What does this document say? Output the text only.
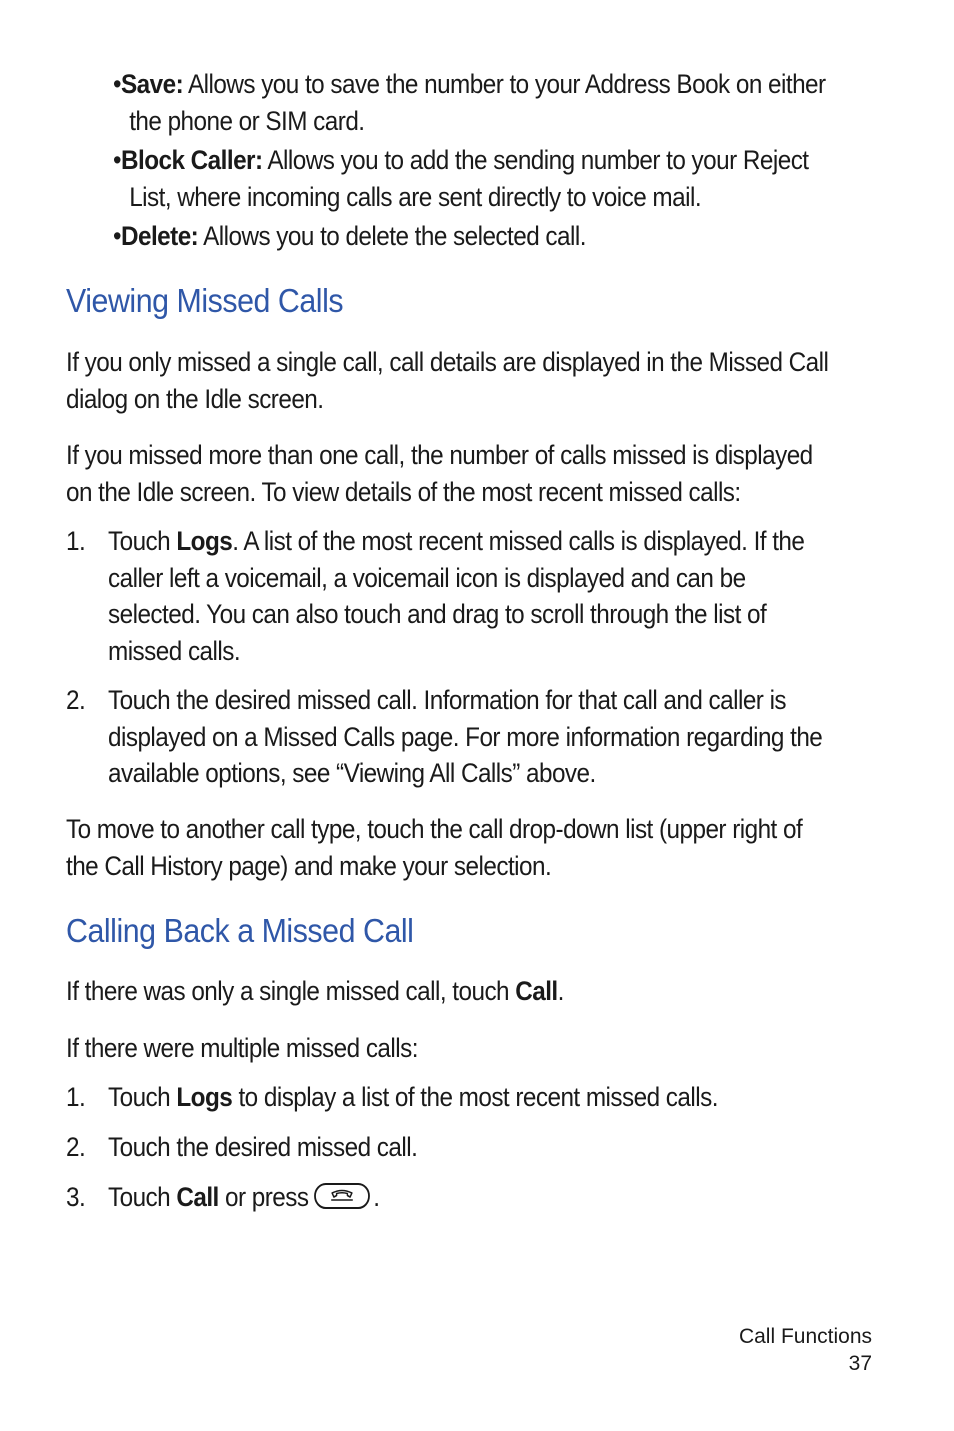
•Save: Allows you to save the number to your Address Book on either
the phone or SIM card.
•Block Caller: Allows you to add the sending number to your Reject
List, where incoming calls are sent directly to voice mail.
•Delete: Allows you to delete the selected call.
Viewing Missed Calls
If you only missed a single call, call details are displayed in the Missed Call
dialog on the Idle screen.
If you missed more than one call, the number of calls missed is displayed
on the Idle screen. To view details of the most recent missed calls:
1. Touch Logs. A list of the most recent missed calls is displayed. If the
caller left a voicemail, a voicemail icon is displayed and can be
selected. You can also touch and drag to scroll through the list of
missed calls.
2. Touch the desired missed call. Information for that call and caller is
displayed on a Missed Calls page. For more information regarding the
available options, see “Viewing All Calls” above.
To move to another call type, touch the call drop-down list (upper right of
the Call History page) and make your selection.
Calling Back a Missed Call
If there was only a single missed call, touch Call.
If there were multiple missed calls:
1. Touch Logs to display a list of the most recent missed calls.
2. Touch the desired missed call.
3. Touch Call or press .
Call Functions
37
